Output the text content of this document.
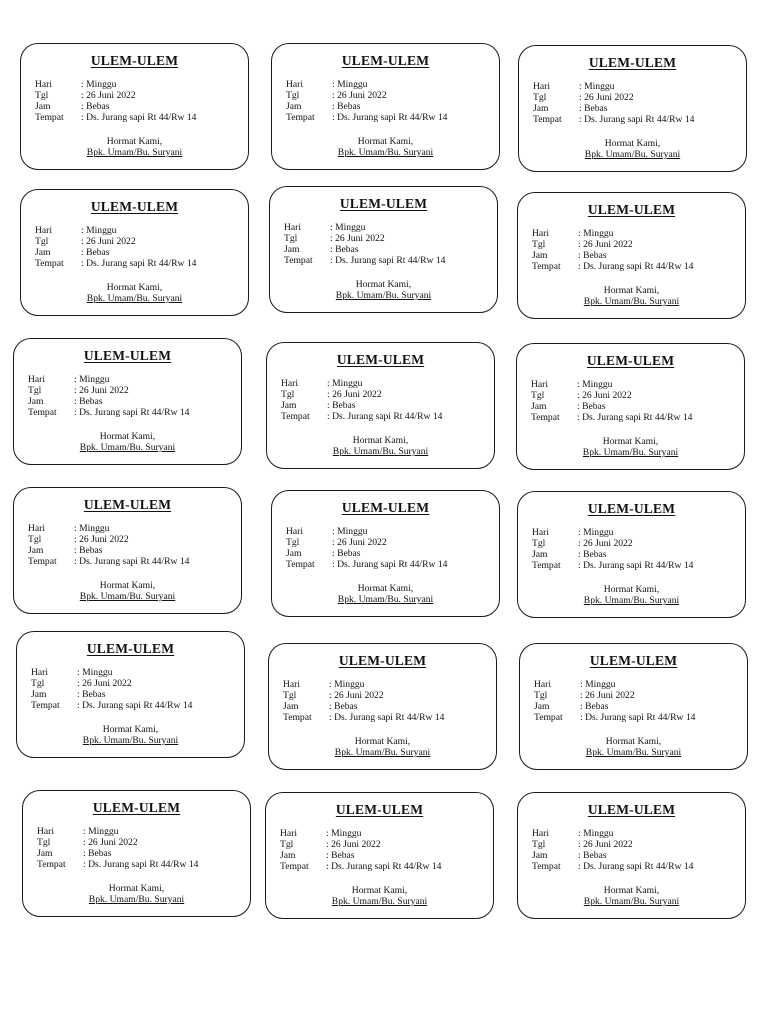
ULEM-ULEM
Hari	: Minggu
Tgl	: 26 Juni 2022
Jam	: Bebas
Tempat	: Ds. Jurang sapi Rt 44/Rw 14
Hormat Kami,
Bpk. Umam/Bu. Suryani
ULEM-ULEM
Hari	: Minggu
Tgl	: 26 Juni 2022
Jam	: Bebas
Tempat	: Ds. Jurang sapi Rt 44/Rw 14
Hormat Kami,
Bpk. Umam/Bu. Suryani
ULEM-ULEM
Hari	: Minggu
Tgl	: 26 Juni 2022
Jam	: Bebas
Tempat	: Ds. Jurang sapi Rt 44/Rw 14
Hormat Kami,
Bpk. Umam/Bu. Suryani
ULEM-ULEM
Hari	: Minggu
Tgl	: 26 Juni 2022
Jam	: Bebas
Tempat	: Ds. Jurang sapi Rt 44/Rw 14
Hormat Kami,
Bpk. Umam/Bu. Suryani
ULEM-ULEM
Hari	: Minggu
Tgl	: 26 Juni 2022
Jam	: Bebas
Tempat	: Ds. Jurang sapi Rt 44/Rw 14
Hormat Kami,
Bpk. Umam/Bu. Suryani
ULEM-ULEM
Hari	: Minggu
Tgl	: 26 Juni 2022
Jam	: Bebas
Tempat	: Ds. Jurang sapi Rt 44/Rw 14
Hormat Kami,
Bpk. Umam/Bu. Suryani
ULEM-ULEM
Hari	: Minggu
Tgl	: 26 Juni 2022
Jam	: Bebas
Tempat	: Ds. Jurang sapi Rt 44/Rw 14
Hormat Kami,
Bpk. Umam/Bu. Suryani
ULEM-ULEM
Hari	: Minggu
Tgl	: 26 Juni 2022
Jam	: Bebas
Tempat	: Ds. Jurang sapi Rt 44/Rw 14
Hormat Kami,
Bpk. Umam/Bu. Suryani
ULEM-ULEM
Hari	: Minggu
Tgl	: 26 Juni 2022
Jam	: Bebas
Tempat	: Ds. Jurang sapi Rt 44/Rw 14
Hormat Kami,
Bpk. Umam/Bu. Suryani
ULEM-ULEM
Hari	: Minggu
Tgl	: 26 Juni 2022
Jam	: Bebas
Tempat	: Ds. Jurang sapi Rt 44/Rw 14
Hormat Kami,
Bpk. Umam/Bu. Suryani
ULEM-ULEM
Hari	: Minggu
Tgl	: 26 Juni 2022
Jam	: Bebas
Tempat	: Ds. Jurang sapi Rt 44/Rw 14
Hormat Kami,
Bpk. Umam/Bu. Suryani
ULEM-ULEM
Hari	: Minggu
Tgl	: 26 Juni 2022
Jam	: Bebas
Tempat	: Ds. Jurang sapi Rt 44/Rw 14
Hormat Kami,
Bpk. Umam/Bu. Suryani
ULEM-ULEM
Hari	: Minggu
Tgl	: 26 Juni 2022
Jam	: Bebas
Tempat	: Ds. Jurang sapi Rt 44/Rw 14
Hormat Kami,
Bpk. Umam/Bu. Suryani
ULEM-ULEM
Hari	: Minggu
Tgl	: 26 Juni 2022
Jam	: Bebas
Tempat	: Ds. Jurang sapi Rt 44/Rw 14
Hormat Kami,
Bpk. Umam/Bu. Suryani
ULEM-ULEM
Hari	: Minggu
Tgl	: 26 Juni 2022
Jam	: Bebas
Tempat	: Ds. Jurang sapi Rt 44/Rw 14
Hormat Kami,
Bpk. Umam/Bu. Suryani
ULEM-ULEM
Hari	: Minggu
Tgl	: 26 Juni 2022
Jam	: Bebas
Tempat	: Ds. Jurang sapi Rt 44/Rw 14
Hormat Kami,
Bpk. Umam/Bu. Suryani
ULEM-ULEM
Hari	: Minggu
Tgl	: 26 Juni 2022
Jam	: Bebas
Tempat	: Ds. Jurang sapi Rt 44/Rw 14
Hormat Kami,
Bpk. Umam/Bu. Suryani
ULEM-ULEM
Hari	: Minggu
Tgl	: 26 Juni 2022
Jam	: Bebas
Tempat	: Ds. Jurang sapi Rt 44/Rw 14
Hormat Kami,
Bpk. Umam/Bu. Suryani
